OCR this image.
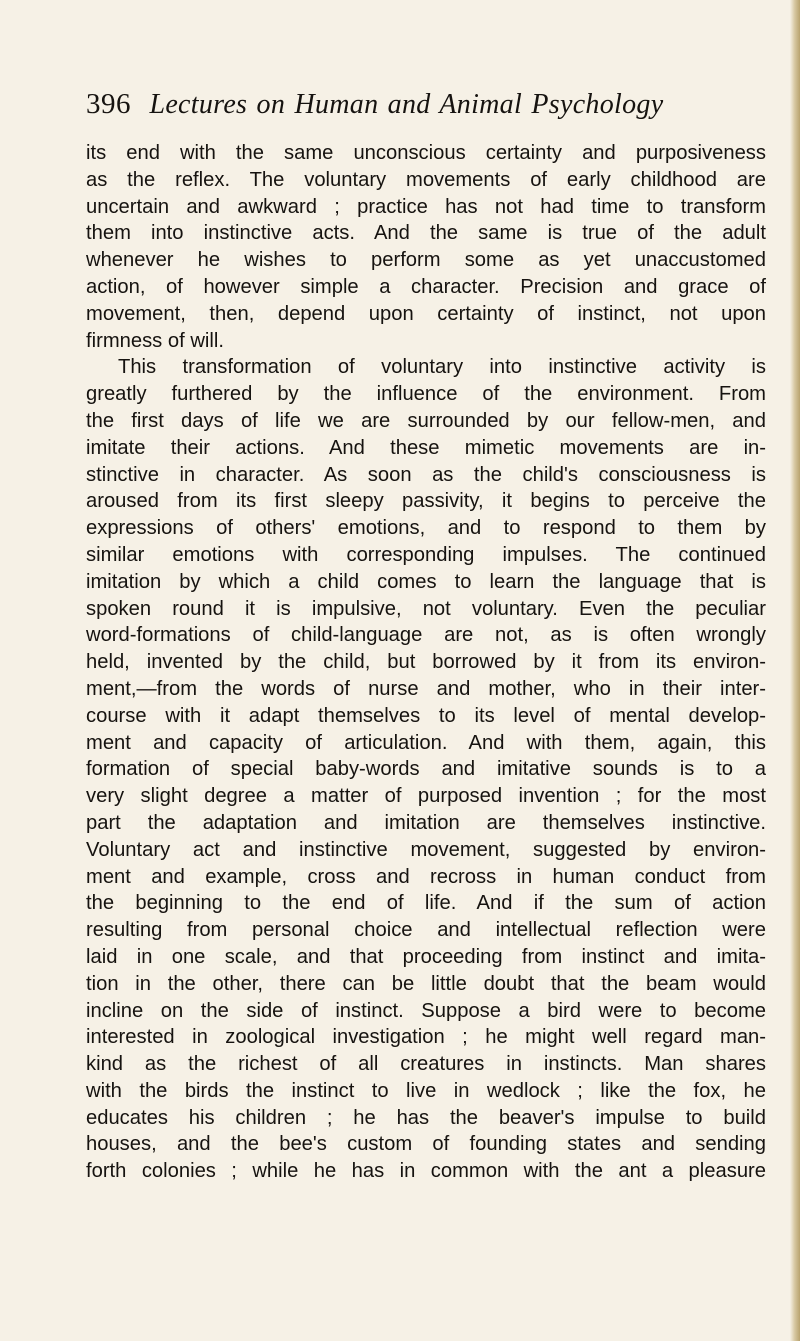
396 Lectures on Human and Animal Psychology
its end with the same unconscious certainty and purposiveness
as the reflex. The voluntary movements of early childhood are
uncertain and awkward ; practice has not had time to transform
them into instinctive acts. And the same is true of the adult
whenever he wishes to perform some as yet unaccustomed
action, of however simple a character. Precision and grace of
movement, then, depend upon certainty of instinct, not upon
firmness of will.
This transformation of voluntary into instinctive activity is
greatly furthered by the influence of the environment. From
the first days of life we are surrounded by our fellow-men, and
imitate their actions. And these mimetic movements are in-
stinctive in character. As soon as the child's consciousness is
aroused from its first sleepy passivity, it begins to perceive the
expressions of others' emotions, and to respond to them by
similar emotions with corresponding impulses. The continued
imitation by which a child comes to learn the language that is
spoken round it is impulsive, not voluntary. Even the peculiar
word-formations of child-language are not, as is often wrongly
held, invented by the child, but borrowed by it from its environ-
ment,—from the words of nurse and mother, who in their inter-
course with it adapt themselves to its level of mental develop-
ment and capacity of articulation. And with them, again, this
formation of special baby-words and imitative sounds is to a
very slight degree a matter of purposed invention ; for the most
part the adaptation and imitation are themselves instinctive.
Voluntary act and instinctive movement, suggested by environ-
ment and example, cross and recross in human conduct from
the beginning to the end of life. And if the sum of action
resulting from personal choice and intellectual reflection were
laid in one scale, and that proceeding from instinct and imita-
tion in the other, there can be little doubt that the beam would
incline on the side of instinct. Suppose a bird were to become
interested in zoological investigation ; he might well regard man-
kind as the richest of all creatures in instincts. Man shares
with the birds the instinct to live in wedlock ; like the fox, he
educates his children ; he has the beaver's impulse to build
houses, and the bee's custom of founding states and sending
forth colonies ; while he has in common with the ant a pleasure
